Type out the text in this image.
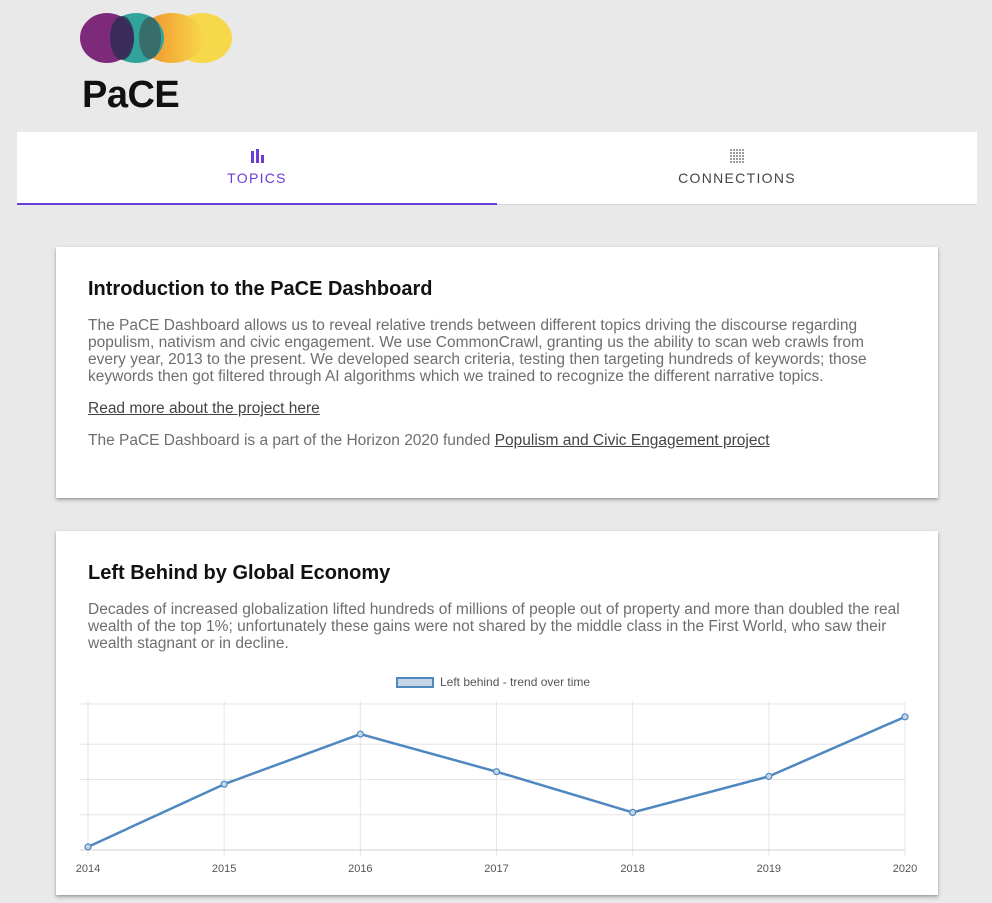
PaCE
TOPICS	CONNECTIONS
Introduction to the PaCE Dashboard

The PaCE Dashboard allows us to reveal relative trends between different topics driving the discourse regarding populism, nativism and civic engagement. We use CommonCrawl, granting us the ability to scan web crawls from every year, 2013 to the present. We developed search criteria, testing then targeting hundreds of keywords; those keywords then got filtered through AI algorithms which we trained to recognize the different narrative topics.

Read more about the project here

The PaCE Dashboard is a part of the Horizon 2020 funded Populism and Civic Engagement project

Left Behind by Global Economy

Decades of increased globalization lifted hundreds of millions of people out of property and more than doubled the real wealth of the top 1%; unfortunately these gains were not shared by the middle class in the First World, who saw their wealth stagnant or in decline.

2014	2015	2016	2017	2018	2019	2020
Left behind - trend over time
